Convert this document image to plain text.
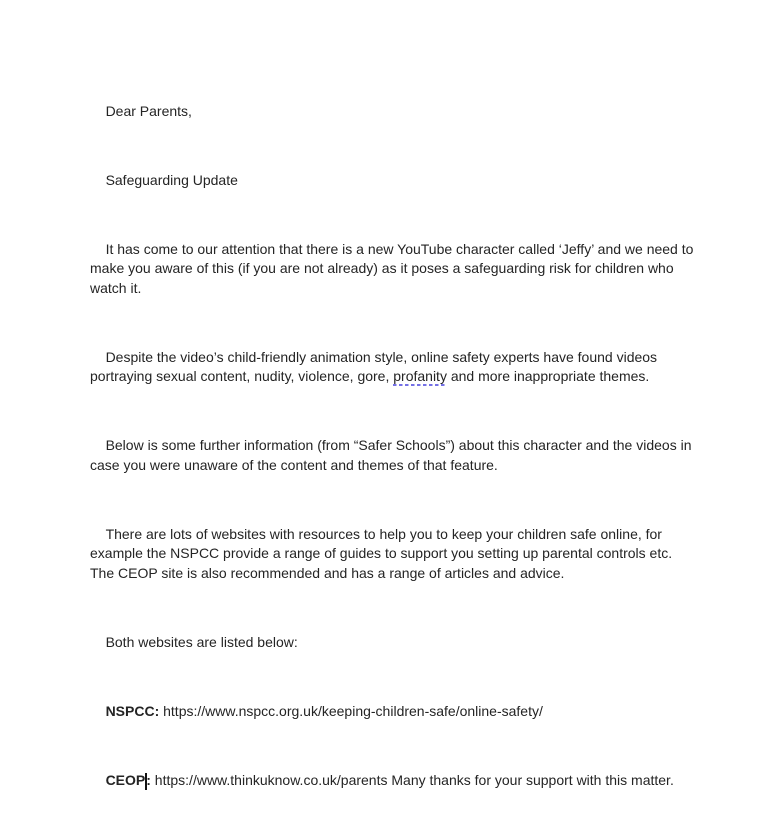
Dear Parents,

Safeguarding Update

It has come to our attention that there is a new YouTube character called ‘Jeffy’ and we need to make you aware of this (if you are not already) as it poses a safeguarding risk for children who watch it.

Despite the video’s child-friendly animation style, online safety experts have found videos portraying sexual content, nudity, violence, gore, profanity and more inappropriate themes.

Below is some further information (from “Safer Schools”) about this character and the videos in case you were unaware of the content and themes of that feature.

There are lots of websites with resources to help you to keep your children safe online, for example the NSPCC provide a range of guides to support you setting up parental controls etc. The CEOP site is also recommended and has a range of articles and advice.

Both websites are listed below:

NSPCC: https://www.nspcc.org.uk/keeping-children-safe/online-safety/

CEOP: https://www.thinkuknow.co.uk/parents Many thanks for your support with this matter.
